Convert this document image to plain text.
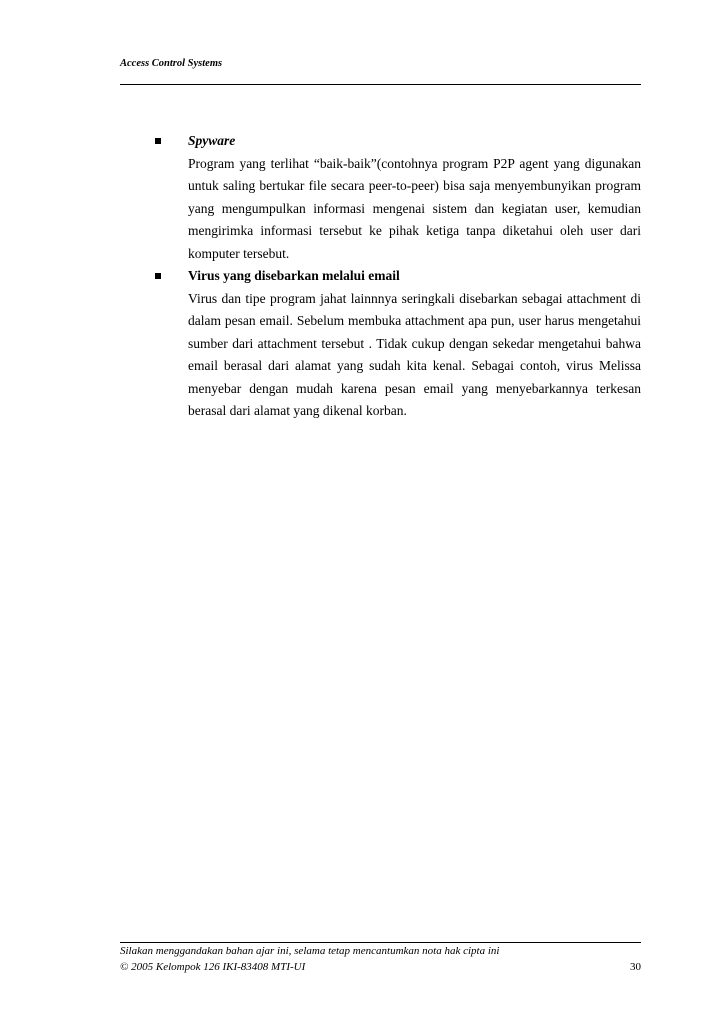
Access Control Systems
Spyware

Program yang terlihat “baik-baik”(contohnya program P2P agent yang digunakan
untuk saling bertukar file secara peer-to-peer) bisa saja menyembunyikan program
yang mengumpulkan informasi mengenai sistem dan kegiatan user, kemudian
mengirimka informasi tersebut ke pihak ketiga tanpa diketahui oleh user dari
komputer tersebut.

Virus yang disebarkan melalui email

Virus dan tipe program jahat lainnnya seringkali disebarkan sebagai attachment di
dalam pesan email. Sebelum membuka attachment apa pun, user harus mengetahui
sumber dari attachment tersebut . Tidak cukup dengan sekedar mengetahui bahwa
email berasal dari alamat yang sudah kita kenal. Sebagai contoh, virus Melissa
menyebar dengan mudah karena pesan email yang menyebarkannya terkesan
berasal dari alamat yang dikenal korban.

Silakan menggandakan bahan ajar ini, selama tetap mencantumkan nota hak cipta ini
© 2005 Kelompok 126 IKI-83408 MTI-UI	30
